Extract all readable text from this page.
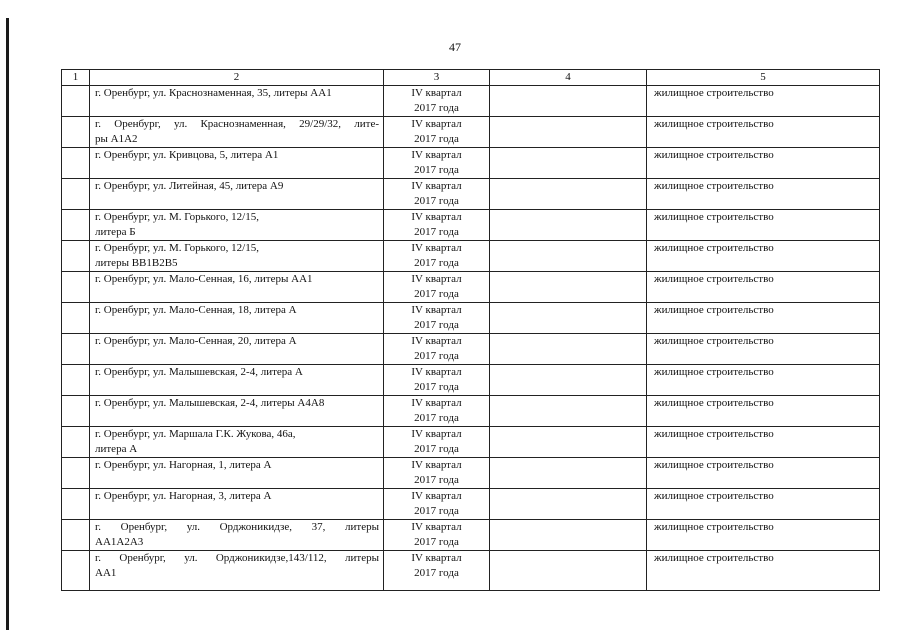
47
1	2	3	4	5

	г. Оренбург, ул. Краснознаменная, 35, литеры АА1	IV квартал
2017 года		жилищное строительство

	г. Оренбург, ул. Краснознаменная, 29/29/32, лите-
ры А1А2	IV квартал
2017 года		жилищное строительство

	г. Оренбург, ул. Кривцова, 5, литера А1	IV квартал
2017 года		жилищное строительство

	г. Оренбург, ул. Литейная, 45, литера А9	IV квартал
2017 года		жилищное строительство

	г. Оренбург, ул. М. Горького, 12/15,
литера Б	IV квартал
2017 года		жилищное строительство

	г. Оренбург, ул. М. Горького, 12/15,
литеры ВВ1В2В5	IV квартал
2017 года		жилищное строительство

	г. Оренбург, ул. Мало-Сенная, 16, литеры АА1	IV квартал
2017 года		жилищное строительство

	г. Оренбург, ул. Мало-Сенная, 18, литера А	IV квартал
2017 года		жилищное строительство

	г. Оренбург, ул. Мало-Сенная, 20, литера А	IV квартал
2017 года		жилищное строительство

	г. Оренбург, ул. Малышевская, 2-4, литера А	IV квартал
2017 года		жилищное строительство

	г. Оренбург, ул. Малышевская, 2-4, литеры А4А8	IV квартал
2017 года		жилищное строительство

	г. Оренбург, ул. Маршала Г.К. Жукова, 46а,
литера А	IV квартал
2017 года		жилищное строительство

	г. Оренбург, ул. Нагорная, 1, литера А	IV квартал
2017 года		жилищное строительство

	г. Оренбург, ул. Нагорная, 3, литера А	IV квартал
2017 года		жилищное строительство

	г. Оренбург, ул. Орджоникидзе, 37, литеры
АА1А2А3	IV квартал
2017 года		жилищное строительство

	г. Оренбург, ул. Орджоникидзе,143/112, литеры
АА1	IV квартал
2017 года		жилищное строительство
